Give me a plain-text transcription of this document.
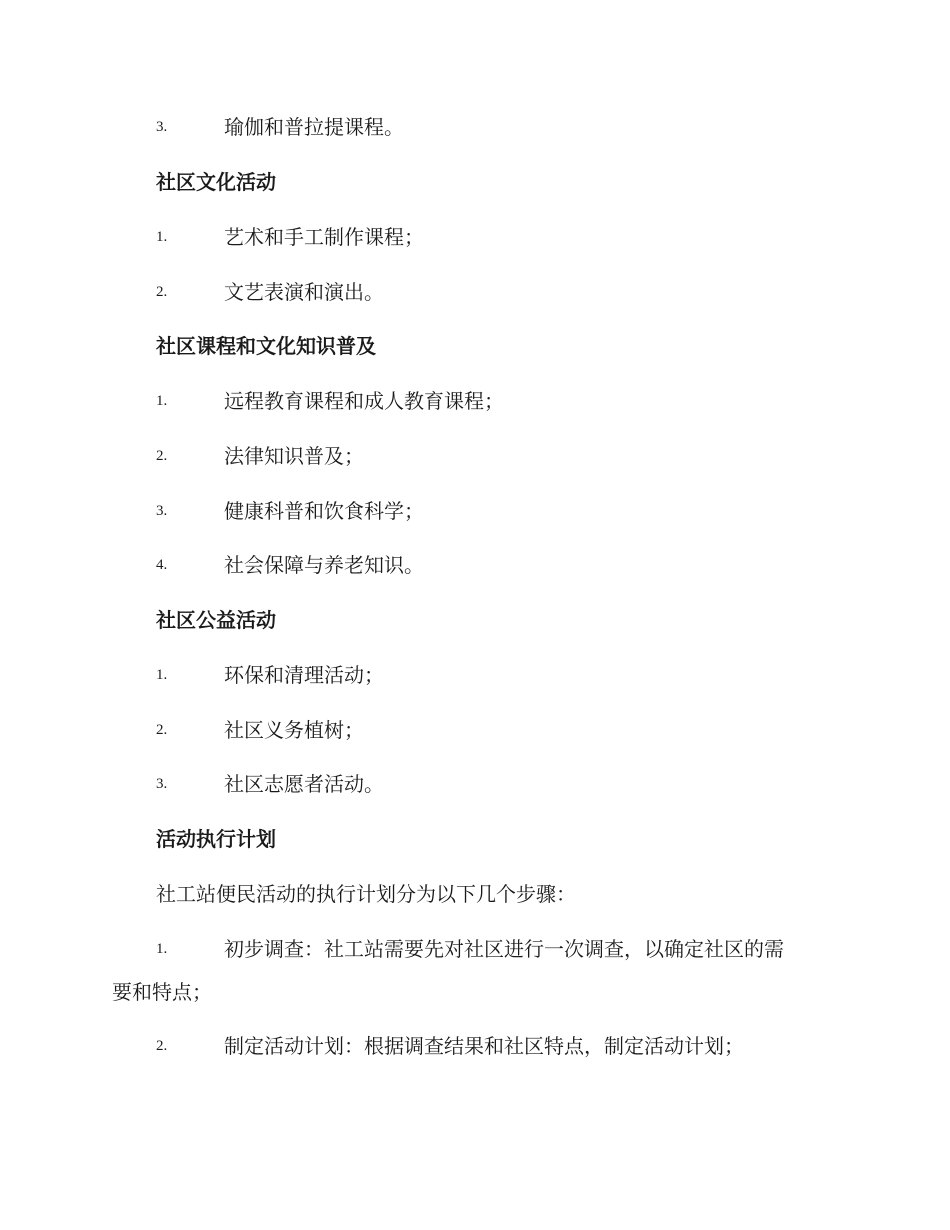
3.	瑜伽和普拉提课程。
社区文化活动
1.	艺术和手工制作课程；
2.	文艺表演和演出。
社区课程和文化知识普及
1.	远程教育课程和成人教育课程；
2.	法律知识普及；
3.	健康科普和饮食科学；
4.	社会保障与养老知识。
社区公益活动
1.	环保和清理活动；
2.	社区义务植树；
3.	社区志愿者活动。
活动执行计划
社工站便民活动的执行计划分为以下几个步骤：
1.	初步调查：社工站需要先对社区进行一次调查，以确定社区的需
要和特点；
2.	制定活动计划：根据调查结果和社区特点，制定活动计划；
